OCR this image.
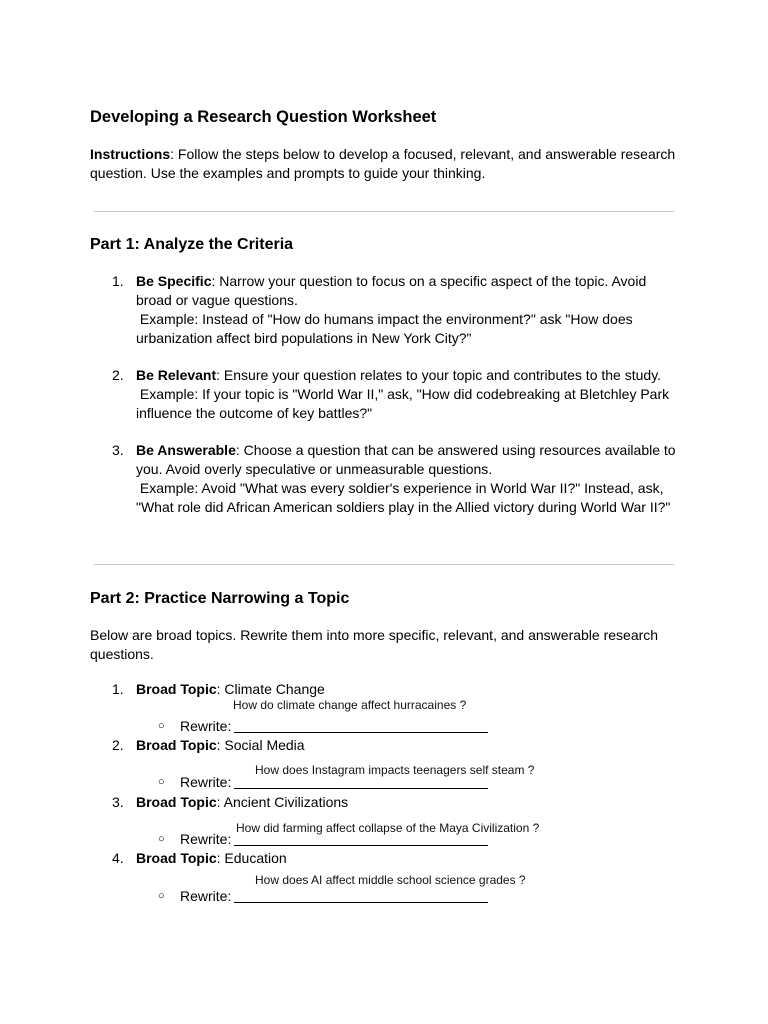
Developing a Research Question Worksheet
Instructions: Follow the steps below to develop a focused, relevant, and answerable research
question. Use the examples and prompts to guide your thinking.
Part 1: Analyze the Criteria
1. Be Specific: Narrow your question to focus on a specific aspect of the topic. Avoid
broad or vague questions.
Example: Instead of "How do humans impact the environment?" ask "How does
urbanization affect bird populations in New York City?"
2. Be Relevant: Ensure your question relates to your topic and contributes to the study.
Example: If your topic is "World War II," ask, "How did codebreaking at Bletchley Park
influence the outcome of key battles?"
3. Be Answerable: Choose a question that can be answered using resources available to
you. Avoid overly speculative or unmeasurable questions.
Example: Avoid "What was every soldier's experience in World War II?" Instead, ask,
"What role did African American soldiers play in the Allied victory during World War II?"
Part 2: Practice Narrowing a Topic
Below are broad topics. Rewrite them into more specific, relevant, and answerable research
questions.
1. Broad Topic: Climate Change
How do climate change affect hurracaines ?
○ Rewrite:
2. Broad Topic: Social Media
How does Instagram impacts teenagers self steam ?
○ Rewrite:
3. Broad Topic: Ancient Civilizations
How did farming affect collapse of the Maya Civilization ?
○ Rewrite:
4. Broad Topic: Education
How does AI affect middle school science grades ?
○ Rewrite:
